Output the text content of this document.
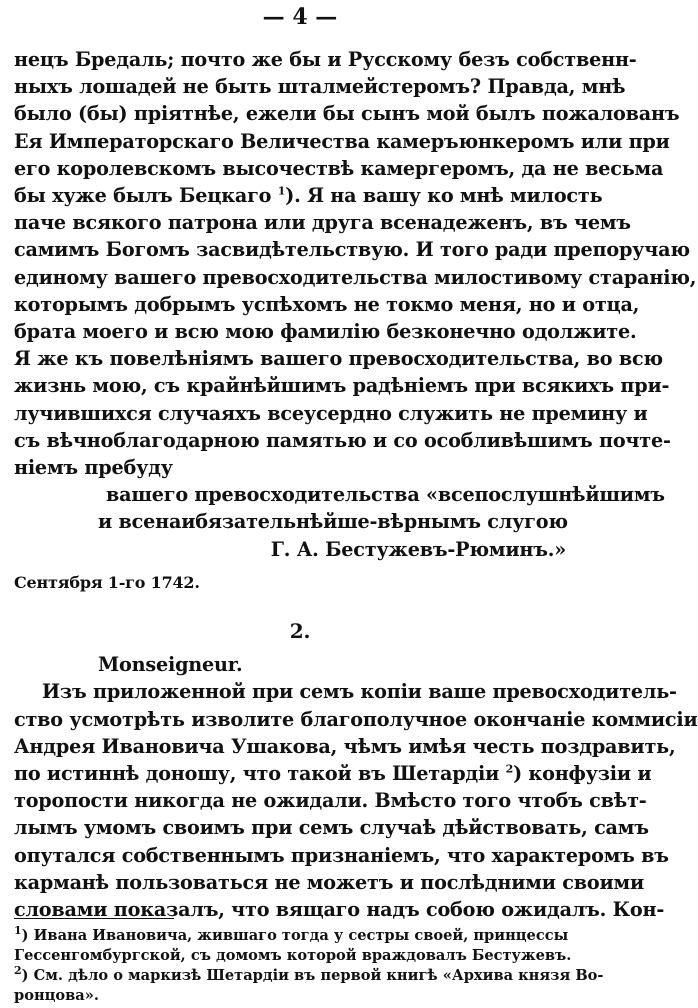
— 4 —
нецъ Бредаль; почто же бы и Русскому безъ собственн-
ныхъ лошадей не быть шталмейстеромъ? Правда, мнѣ
было (бы) пріятнѣе, ежели бы сынъ мой былъ пожалованъ
Ея Императорскаго Величества камеръюнкеромъ или при
его королевскомъ высочествѣ камергеромъ, да не весьма
бы хуже былъ Бецкаго $^1$). Я на вашу ко мнѣ милость
паче всякого патрона или друга всенадеженъ, въ чемъ
самимъ Богомъ засвидѣтельствую. И того ради препоручаю
единому вашего превосходительства милостивому старанію,
которымъ добрымъ успѣхомъ не токмо меня, но и отца,
брата моего и всю мою фамилію безконечно одолжите.
Я же къ повелѣніямъ вашего превосходительства, во всю
жизнь мою, съ крайнѣйшимъ радѣніемъ при всякихъ при-
лучившихся случаяхъ всеусердно служить не премину и
съ вѣчноблагодарною памятью и со особливѣшимъ почте-
ніемъ пребуду
вашего превосходительства «всепослушнѣйшимъ
и всенаибязательнѣйше-вѣрнымъ слугою
Г. А. Бестужевъ-Рюминъ.»
Сентября 1-го 1742.
2.
Monseigneur.
Изъ приложенной при семъ копіи ваше превосходитель-
ство усмотрѣть изволите благополучное окончаніе коммисіи
Андрея Ивановича Ушакова, чѣмъ имѣя честь поздравить,
по истиннѣ доношу, что такой въ Шетардіи $^2$) конфузіи и
торопости никогда не ожидали. Вмѣсто того чтобъ свѣт-
лымъ умомъ своимъ при семъ случаѣ дѣйствовать, самъ
опутался собственнымъ признаніемъ, что характеромъ въ
карманѣ пользоваться не можетъ и послѣдними своими
словами показалъ, что вящаго надъ собою ожидалъ. Кон-
$^1$) Ивана Ивановича, жившаго тогда у сестры своей, принцессы
Гессенгомбургской, съ домомъ которой враждовалъ Бестужевъ.
$^2$) См. дѣло о маркизѣ Шетардіи въ первой книгѣ «Архива князя Во-
ронцова».
